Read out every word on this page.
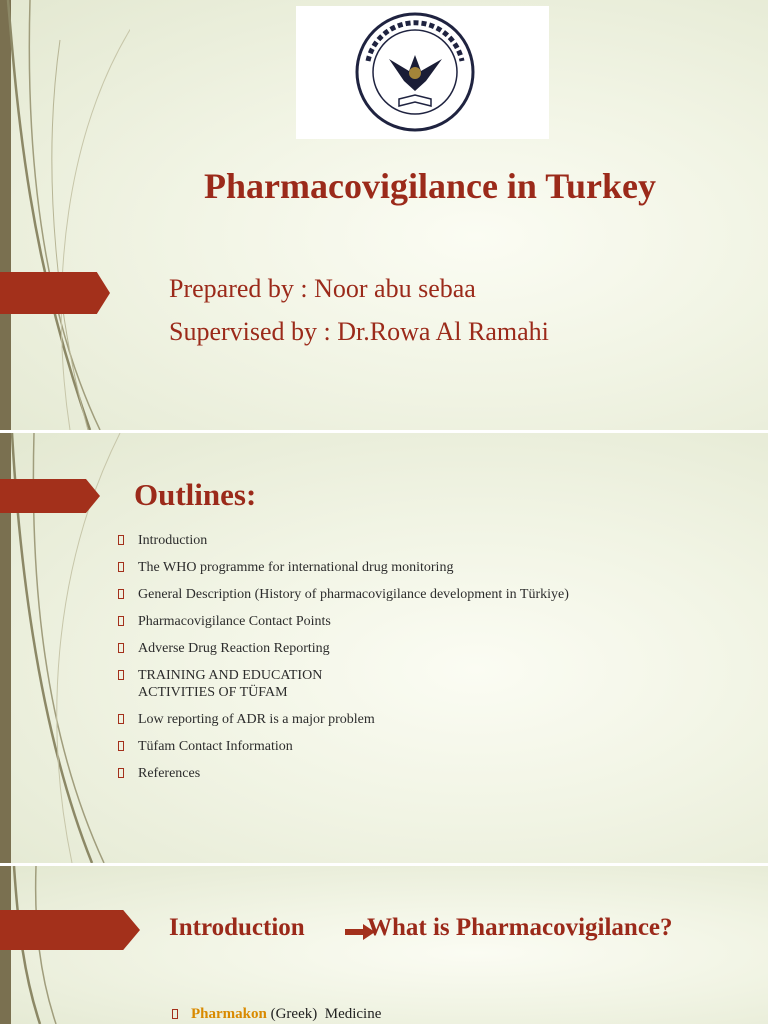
Pharmacovigilance in Turkey
Prepared by : Noor abu sebaa
Supervised by : Dr.Rowa Al Ramahi
Outlines:
Introduction
The WHO programme for international drug monitoring
General Description (History of pharmacovigilance development in Türkiye)
Pharmacovigilance Contact Points
Adverse Drug Reaction Reporting
TRAINING AND EDUCATION
ACTIVITIES OF TÜFAM
Low reporting of ADR is a major problem
Tüfam Contact Information
References
Introduction What is Pharmacovigilance?
Pharmakon (Greek)  Medicine
